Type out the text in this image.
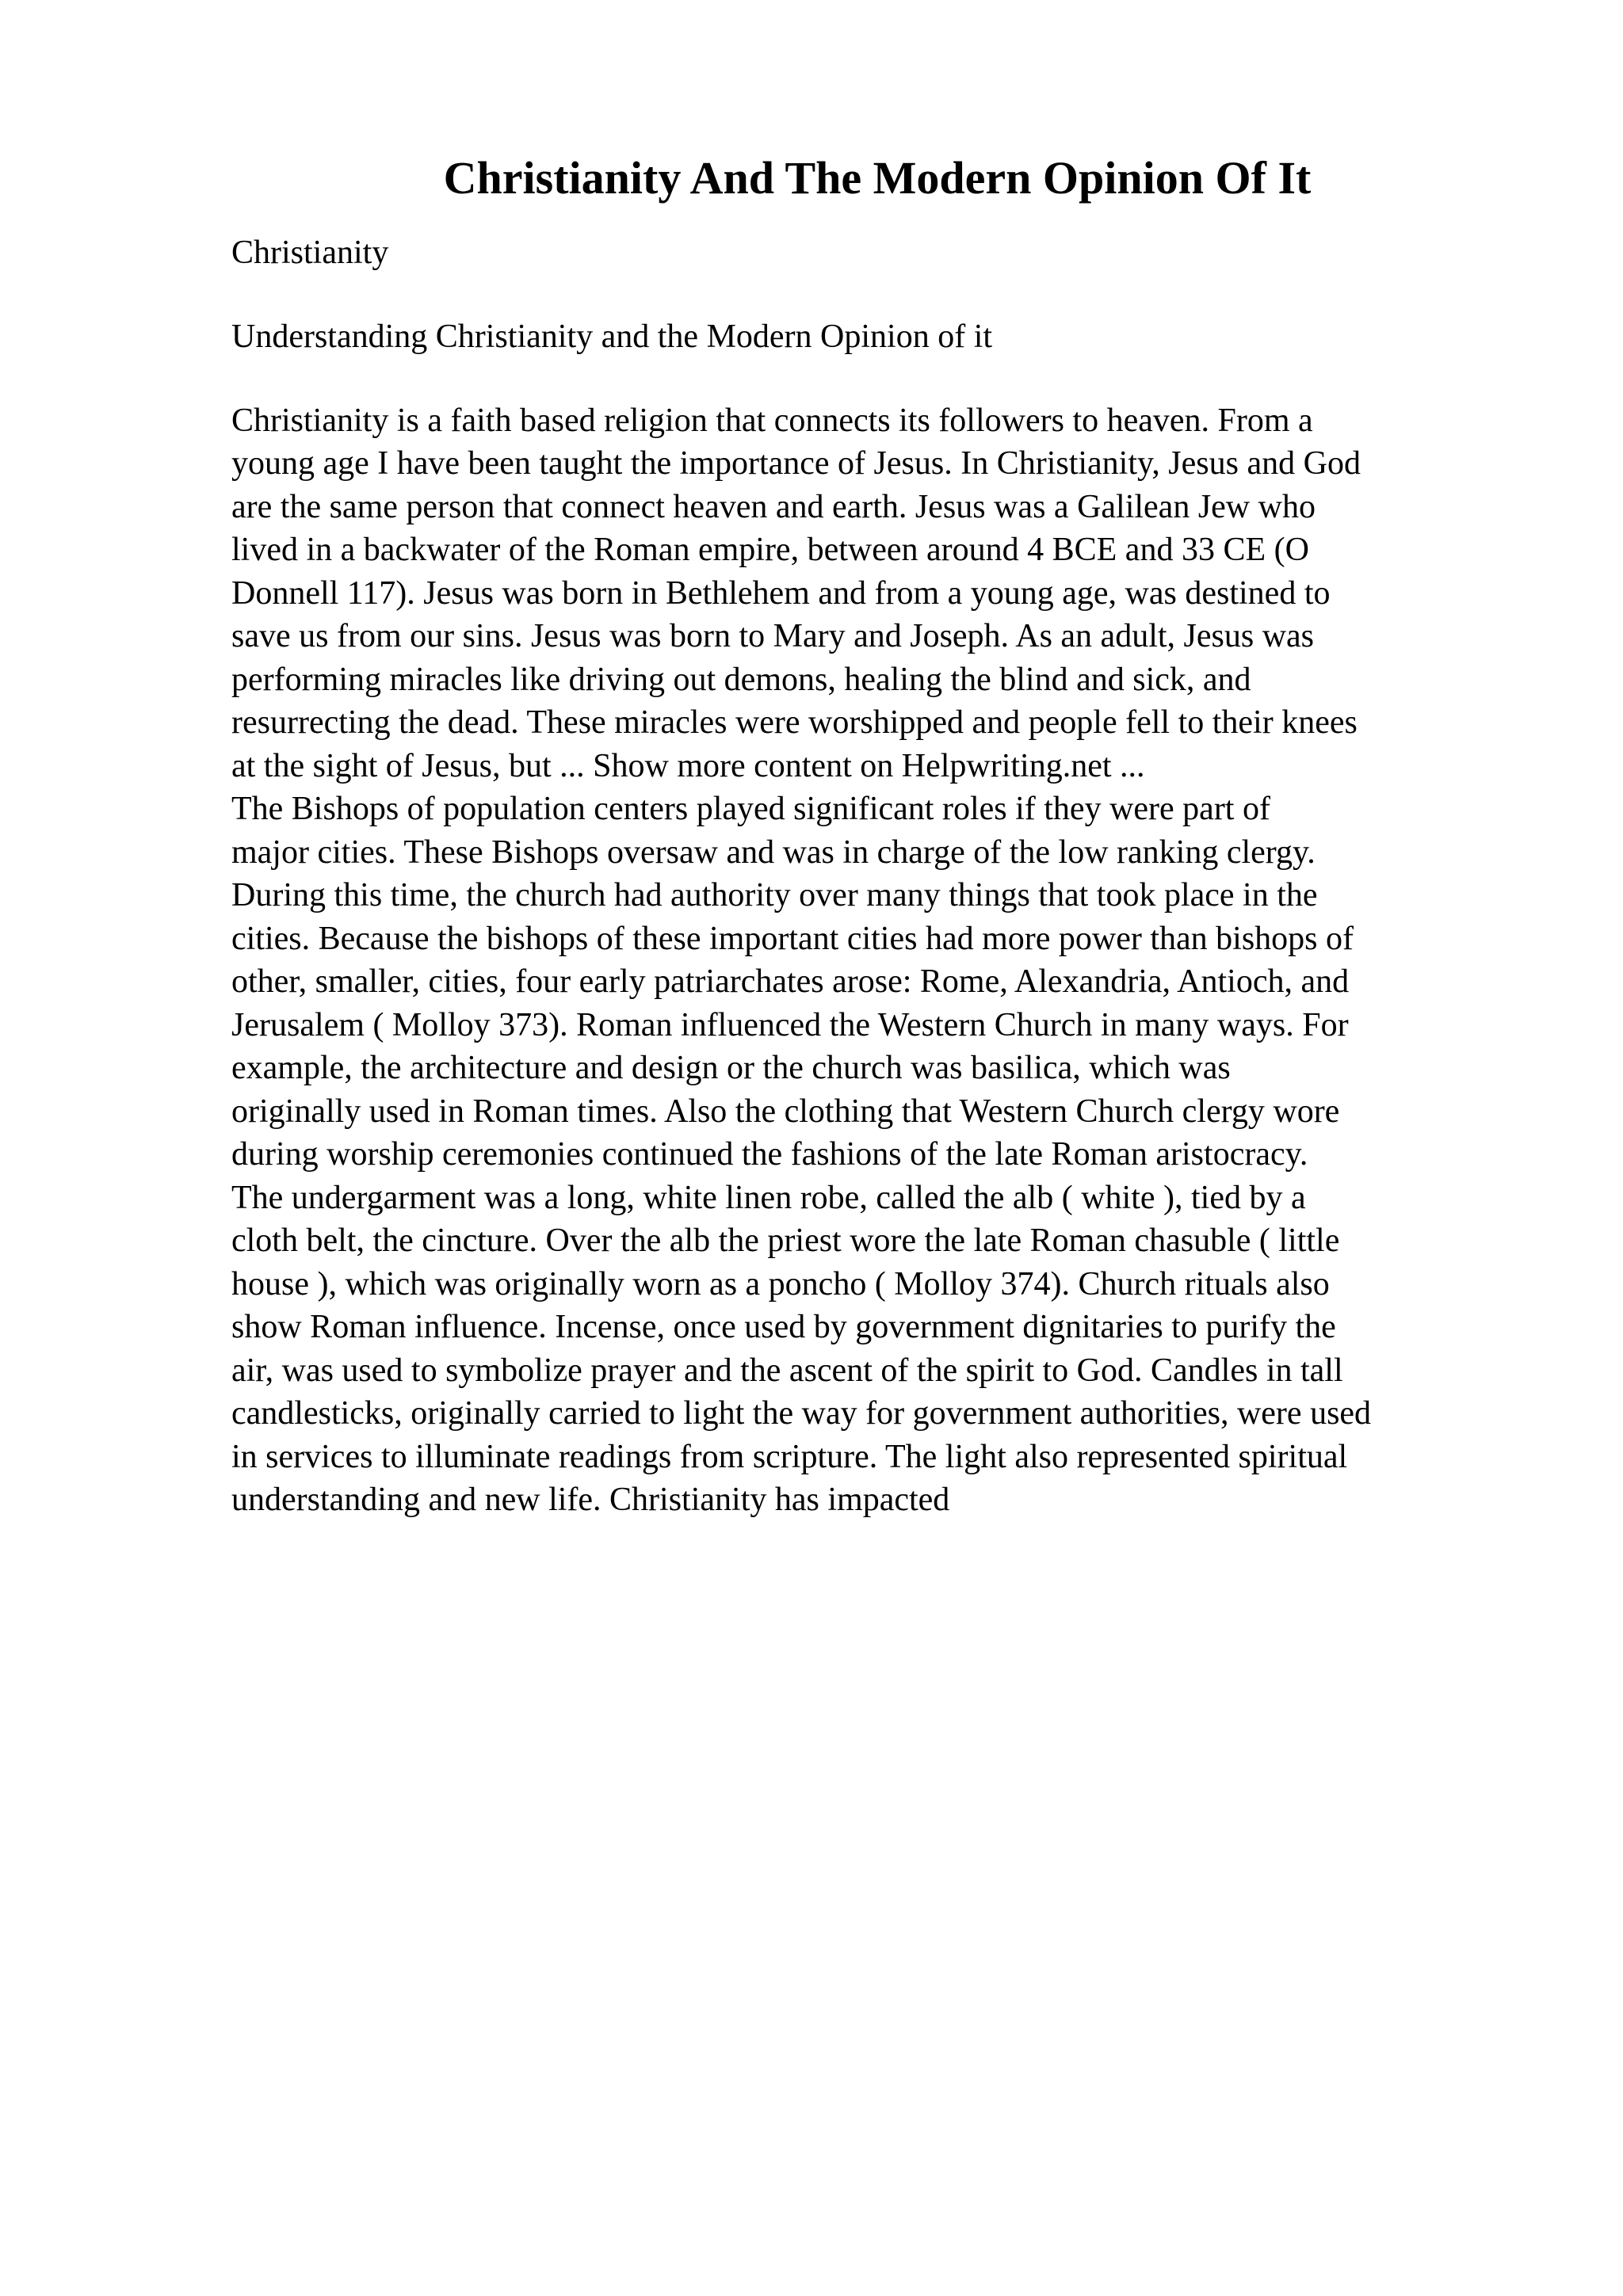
Christianity And The Modern Opinion Of It

Christianity

Understanding Christianity and the Modern Opinion of it

Christianity is a faith based religion that connects its followers to heaven. From a
young age I have been taught the importance of Jesus. In Christianity, Jesus and God
are the same person that connect heaven and earth. Jesus was a Galilean Jew who
lived in a backwater of the Roman empire, between around 4 BCE and 33 CE (O
Donnell 117). Jesus was born in Bethlehem and from a young age, was destined to
save us from our sins. Jesus was born to Mary and Joseph. As an adult, Jesus was
performing miracles like driving out demons, healing the blind and sick, and
resurrecting the dead. These miracles were worshipped and people fell to their knees
at the sight of Jesus, but ... Show more content on Helpwriting.net ...

The Bishops of population centers played significant roles if they were part of
major cities. These Bishops oversaw and was in charge of the low ranking clergy.
During this time, the church had authority over many things that took place in the
cities. Because the bishops of these important cities had more power than bishops of
other, smaller, cities, four early patriarchates arose: Rome, Alexandria, Antioch, and
Jerusalem ( Molloy 373). Roman influenced the Western Church in many ways. For
example, the architecture and design or the church was basilica, which was
originally used in Roman times. Also the clothing that Western Church clergy wore
during worship ceremonies continued the fashions of the late Roman aristocracy.
The undergarment was a long, white linen robe, called the alb ( white ), tied by a
cloth belt, the cincture. Over the alb the priest wore the late Roman chasuble ( little
house ), which was originally worn as a poncho ( Molloy 374). Church rituals also
show Roman influence. Incense, once used by government dignitaries to purify the
air, was used to symbolize prayer and the ascent of the spirit to God. Candles in tall
candlesticks, originally carried to light the way for government authorities, were used
in services to illuminate readings from scripture. The light also represented spiritual
understanding and new life. Christianity has impacted
